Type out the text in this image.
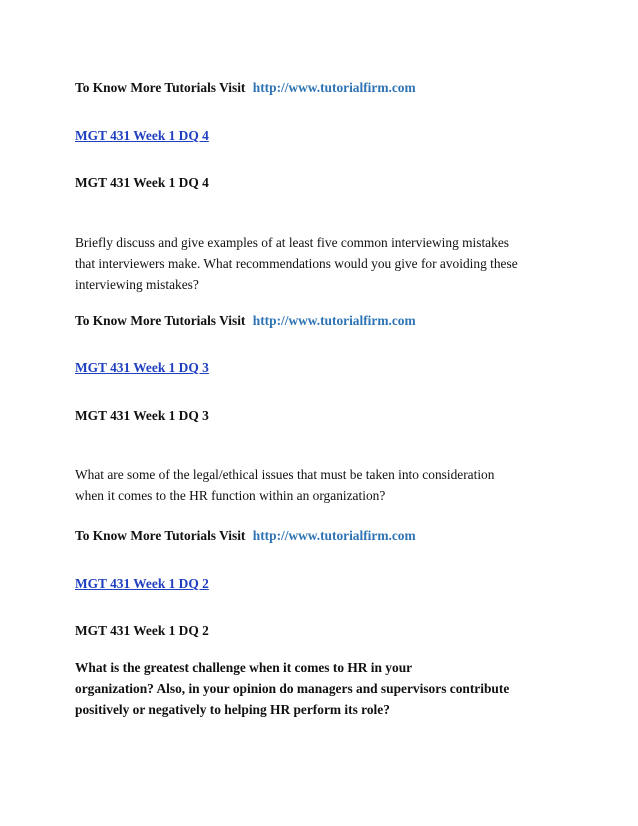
To Know More Tutorials Visit http://www.tutorialfirm.com
MGT 431 Week 1 DQ 4
MGT 431 Week 1 DQ 4
Briefly discuss and give examples of at least five common interviewing mistakes
that interviewers make. What recommendations would you give for avoiding these
interviewing mistakes?
To Know More Tutorials Visit http://www.tutorialfirm.com
MGT 431 Week 1 DQ 3
MGT 431 Week 1 DQ 3
What are some of the legal/ethical issues that must be taken into consideration
when it comes to the HR function within an organization?
To Know More Tutorials Visit http://www.tutorialfirm.com
MGT 431 Week 1 DQ 2
MGT 431 Week 1 DQ 2
What is the greatest challenge when it comes to HR in your
organization? Also, in your opinion do managers and supervisors contribute
positively or negatively to helping HR perform its role?
